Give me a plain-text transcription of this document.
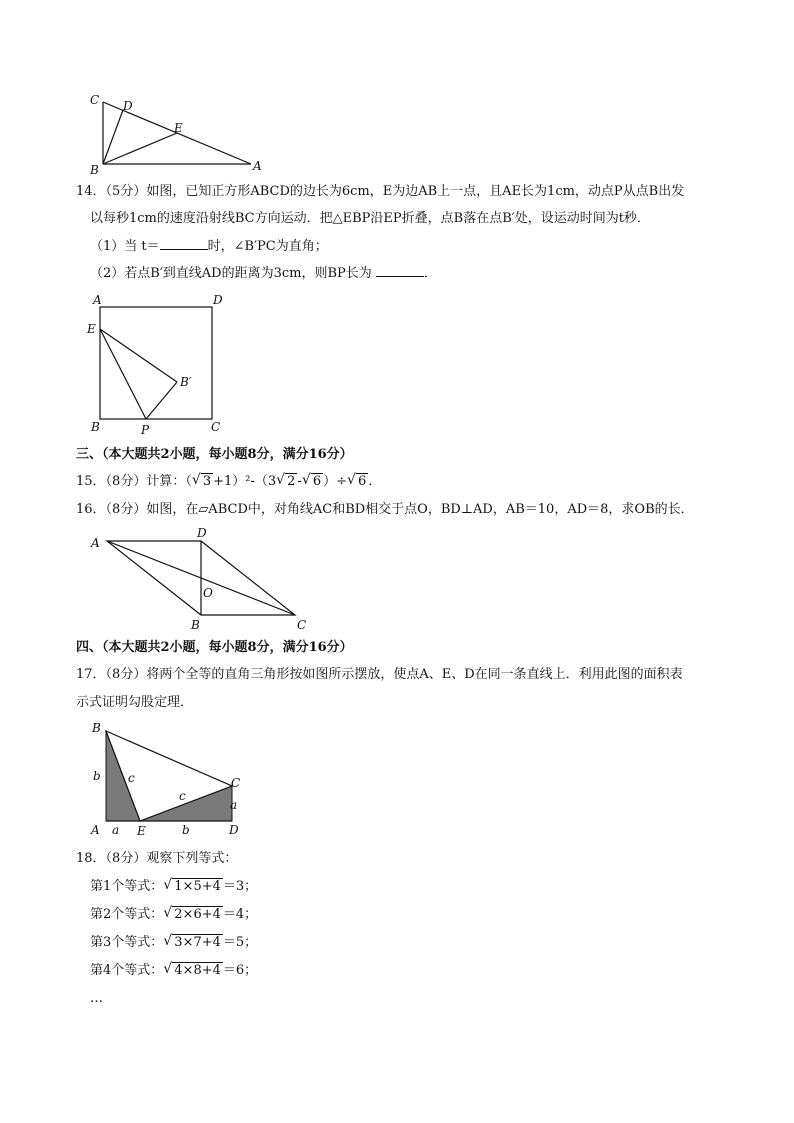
C D
E
B	A
14．（5分）如图，已知正方形ABCD的边长为6cm，E为边AB上一点，且AE长为1cm，动点P从点B出发
以每秒1cm的速度沿射线BC方向运动．把△EBP沿EP折叠，点B落在点B′处，设运动时间为t秒．
（1）当 t＝	时，∠B′PC为直角；
（2）若点B′到直线AD的距离为3cm，则BP长为	．
A	D
E
B′
B	P	C
三、（本大题共2小题，每小题8分，满分16分）
15．（8分）计算：（ √ 3 +1）²-（3 √ 2 - √ 6 ）÷ √ 6 ．
16．（8分）如图，在▱ABCD中，对角线AC和BD相交于点O，BD⊥AD，AB＝10，AD＝8，求OB的长．
A
D
O
B	C
四、（本大题共2小题，每小题8分，满分16分）
17．（8分）将两个全等的直角三角形按如图所示摆放，使点A、E、D在同一条直线上．利用此图的面积表
示式证明勾股定理．
B
C
b c
c
a
A a E	b	D
18．（8分）观察下列等式：
第1个等式： √ 1×5+4 ＝3；
第2个等式： √ 2×6+4 ＝4；
第3个等式： √ 3×7+4 ＝5；
第4个等式： √ 4×8+4 ＝6；
…
